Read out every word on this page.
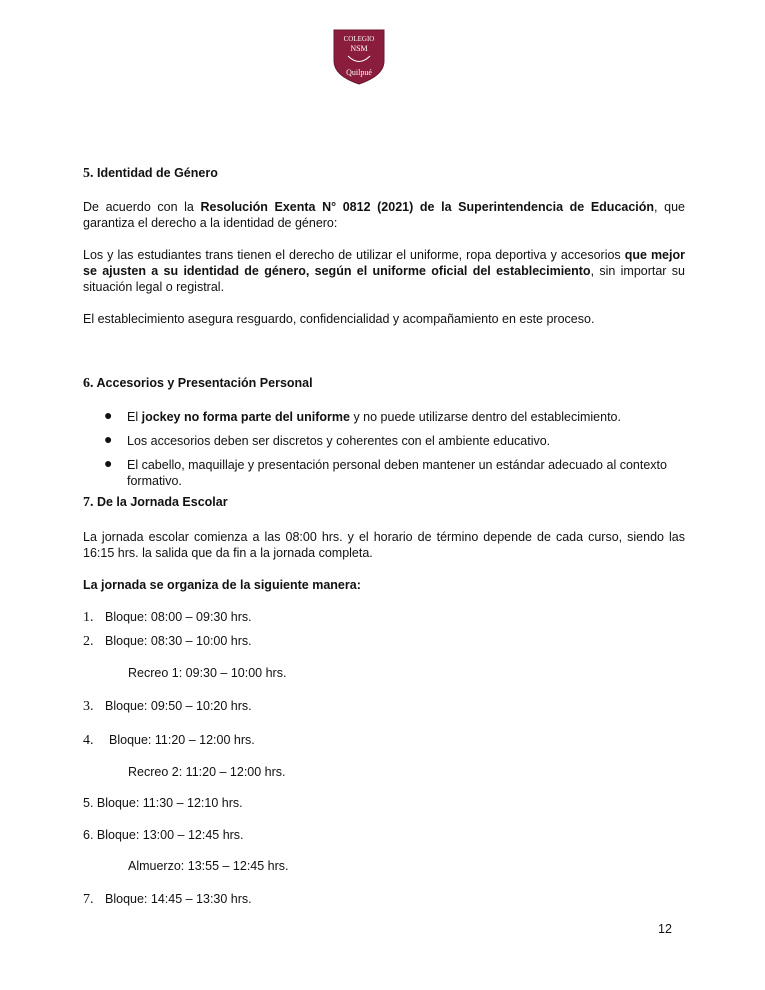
COLEGIO
NSM
Quilpué
5. Identidad de Género
De acuerdo con la Resolución Exenta N° 0812 (2021) de la Superintendencia de Educación, que garantiza el derecho a la identidad de género:
Los y las estudiantes trans tienen el derecho de utilizar el uniforme, ropa deportiva y accesorios que mejor se ajusten a su identidad de género, según el uniforme oficial del establecimiento, sin importar su situación legal o registral.
El establecimiento asegura resguardo, confidencialidad y acompañamiento en este proceso.
6. Accesorios y Presentación Personal
● El jockey no forma parte del uniforme y no puede utilizarse dentro del establecimiento.
● Los accesorios deben ser discretos y coherentes con el ambiente educativo.
● El cabello, maquillaje y presentación personal deben mantener un estándar adecuado al contexto formativo.
7. De la Jornada Escolar
La jornada escolar comienza a las 08:00 hrs. y el horario de término depende de cada curso, siendo las 16:15 hrs. la salida que da fin a la jornada completa.
La jornada se organiza de la siguiente manera:
1. Bloque: 08:00 – 09:30 hrs.
2. Bloque: 08:30 – 10:00 hrs.
Recreo 1: 09:30 – 10:00 hrs.
3. Bloque: 09:50 – 10:20 hrs.
4. Bloque: 11:20 – 12:00 hrs.
Recreo 2: 11:20 – 12:00 hrs.
5. Bloque: 11:30 – 12:10 hrs.
6. Bloque: 13:00 – 12:45 hrs.
Almuerzo: 13:55 – 12:45 hrs.
7. Bloque: 14:45 – 13:30 hrs.
12
